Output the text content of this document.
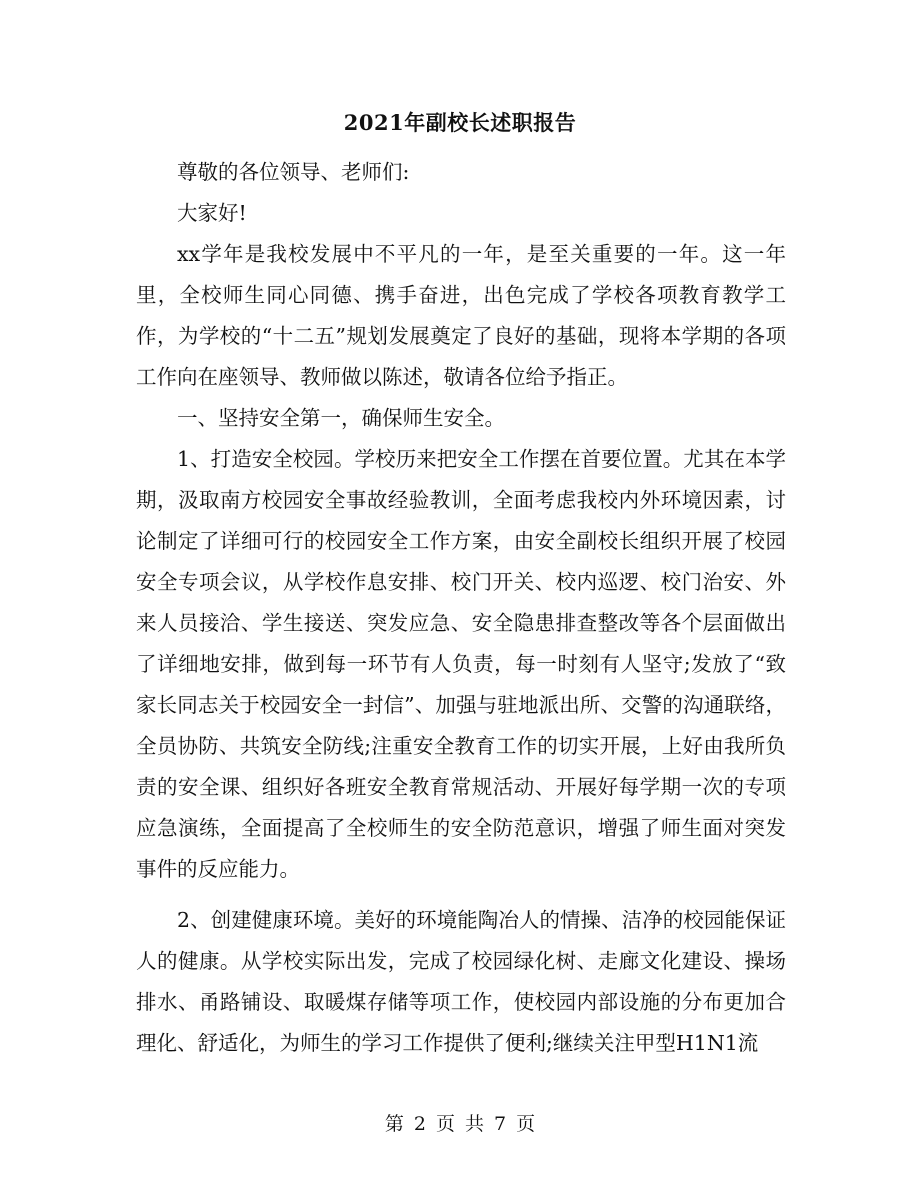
2021年副校长述职报告

尊敬的各位领导、老师们:

大家好!

xx学年是我校发展中不平凡的一年，是至关重要的一年。这一年里，全校师生同心同德、携手奋进，出色完成了学校各项教育教学工作，为学校的“十二五”规划发展奠定了良好的基础，现将本学期的各项工作向在座领导、教师做以陈述，敬请各位给予指正。

一、坚持安全第一，确保师生安全。

1、打造安全校园。学校历来把安全工作摆在首要位置。尤其在本学期，汲取南方校园安全事故经验教训，全面考虑我校内外环境因素，讨论制定了详细可行的校园安全工作方案，由安全副校长组织开展了校园安全专项会议，从学校作息安排、校门开关、校内巡逻、校门治安、外来人员接洽、学生接送、突发应急、安全隐患排查整改等各个层面做出了详细地安排，做到每一环节有人负责，每一时刻有人坚守;发放了“致家长同志关于校园安全一封信”、加强与驻地派出所、交警的沟通联络，全员协防、共筑安全防线;注重安全教育工作的切实开展，上好由我所负责的安全课、组织好各班安全教育常规活动、开展好每学期一次的专项应急演练，全面提高了全校师生的安全防范意识，增强了师生面对突发事件的反应能力。

2、创建健康环境。美好的环境能陶冶人的情操、洁净的校园能保证人的健康。从学校实际出发，完成了校园绿化树、走廊文化建设、操场排水、甬路铺设、取暖煤存储等项工作，使校园内部设施的分布更加合理化、舒适化，为师生的学习工作提供了便利;继续关注甲型H1N1流

第 2 页 共 7 页
